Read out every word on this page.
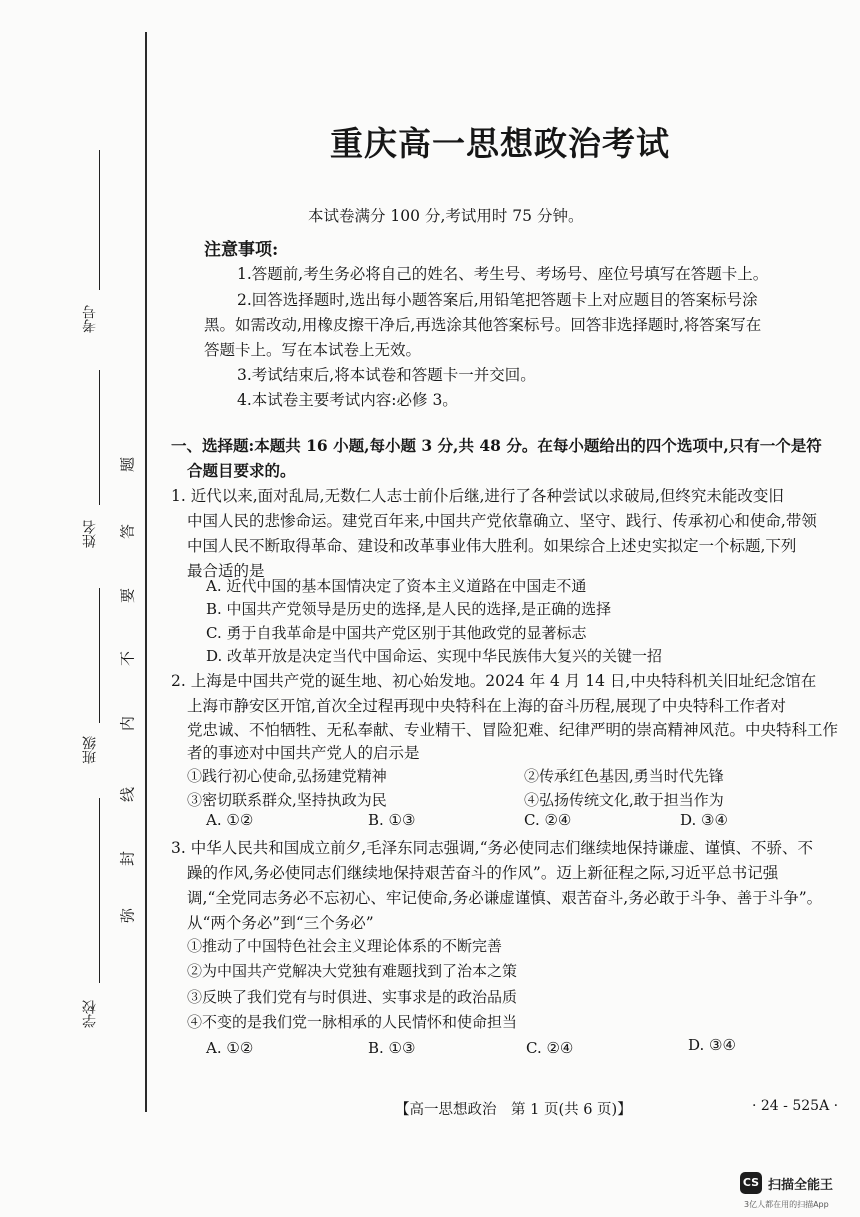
考号
姓名
班级
学校
弥
封
线
内
不
要
答
题
重庆高一思想政治考试
本试卷满分 100 分,考试用时 75 分钟。
注意事项:
1.答题前,考生务必将自己的姓名、考生号、考场号、座位号填写在答题卡上。
2.回答选择题时,选出每小题答案后,用铅笔把答题卡上对应题目的答案标号涂
黑。如需改动,用橡皮擦干净后,再选涂其他答案标号。回答非选择题时,将答案写在
答题卡上。写在本试卷上无效。
3.考试结束后,将本试卷和答题卡一并交回。
4.本试卷主要考试内容:必修 3。
一、选择题:本题共 16 小题,每小题 3 分,共 48 分。在每小题给出的四个选项中,只有一个是符
合题目要求的。
1. 近代以来,面对乱局,无数仁人志士前仆后继,进行了各种尝试以求破局,但终究未能改变旧
中国人民的悲惨命运。建党百年来,中国共产党依靠确立、坚守、践行、传承初心和使命,带领
中国人民不断取得革命、建设和改革事业伟大胜利。如果综合上述史实拟定一个标题,下列
最合适的是
A. 近代中国的基本国情决定了资本主义道路在中国走不通
B. 中国共产党领导是历史的选择,是人民的选择,是正确的选择
C. 勇于自我革命是中国共产党区别于其他政党的显著标志
D. 改革开放是决定当代中国命运、实现中华民族伟大复兴的关键一招
2. 上海是中国共产党的诞生地、初心始发地。2024 年 4 月 14 日,中央特科机关旧址纪念馆在
上海市静安区开馆,首次全过程再现中央特科在上海的奋斗历程,展现了中央特科工作者对
党忠诚、不怕牺牲、无私奉献、专业精干、冒险犯难、纪律严明的崇高精神风范。中央特科工作
者的事迹对中国共产党人的启示是
①践行初心使命,弘扬建党精神	②传承红色基因,勇当时代先锋
③密切联系群众,坚持执政为民	④弘扬传统文化,敢于担当作为
A. ①②	B. ①③	C. ②④	D. ③④
3. 中华人民共和国成立前夕,毛泽东同志强调,“务必使同志们继续地保持谦虚、谨慎、不骄、不
躁的作风,务必使同志们继续地保持艰苦奋斗的作风”。迈上新征程之际,习近平总书记强
调,“全党同志务必不忘初心、牢记使命,务必谦虚谨慎、艰苦奋斗,务必敢于斗争、善于斗争”。
从“两个务必”到“三个务必”
①推动了中国特色社会主义理论体系的不断完善
②为中国共产党解决大党独有难题找到了治本之策
③反映了我们党有与时俱进、实事求是的政治品质
④不变的是我们党一脉相承的人民情怀和使命担当
A. ①②	B. ①③	C. ②④	D. ③④
【高一思想政治　第 1 页(共 6 页)】	· 24 - 525A ·
CS 扫描全能王
3亿人都在用的扫描App
